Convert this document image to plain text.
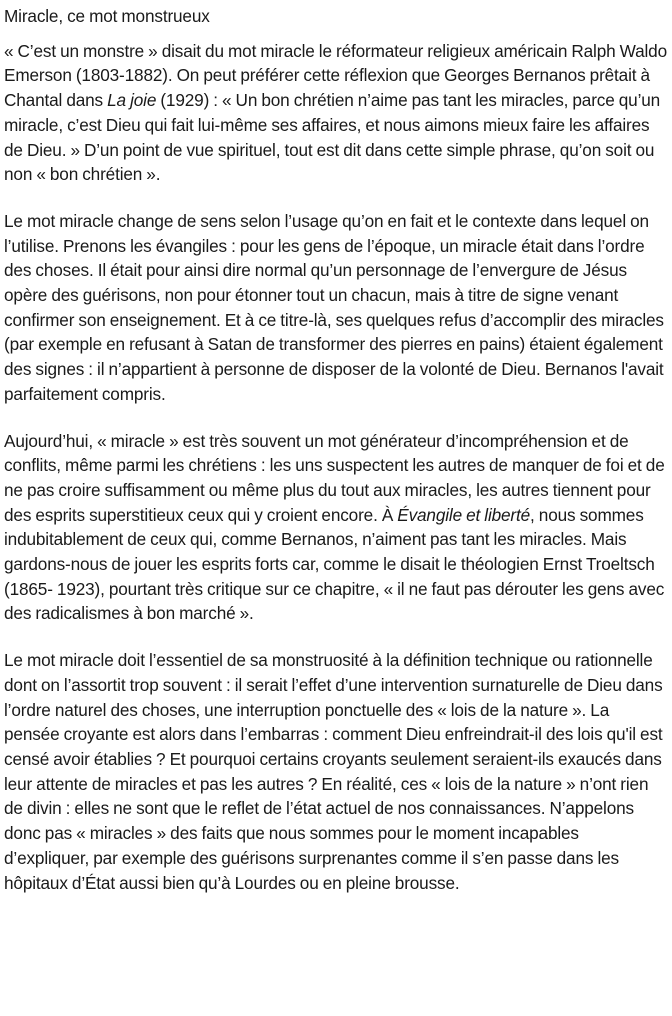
Miracle, ce mot monstrueux

« C’est un monstre » disait du mot miracle le réformateur religieux américain Ralph Waldo Emerson (1803-1882). On peut préférer cette réflexion que Georges Bernanos prêtait à Chantal dans La joie (1929) : « Un bon chrétien n’aime pas tant les miracles, parce qu’un miracle, c’est Dieu qui fait lui-même ses affaires, et nous aimons mieux faire les affaires de Dieu. » D’un point de vue spirituel, tout est dit dans cette simple phrase, qu’on soit ou non « bon chrétien ».

Le mot miracle change de sens selon l’usage qu’on en fait et le contexte dans lequel on l’utilise. Prenons les évangiles : pour les gens de l’époque, un miracle était dans l’ordre des choses. Il était pour ainsi dire normal qu’un personnage de l’envergure de Jésus opère des guérisons, non pour étonner tout un chacun, mais à titre de signe venant confirmer son enseignement. Et à ce titre-là, ses quelques refus d’accomplir des miracles (par exemple en refusant à Satan de transformer des pierres en pains) étaient également des signes : il n’appartient à personne de disposer de la volonté de Dieu. Bernanos l'avait parfaitement compris.

Aujourd’hui, « miracle » est très souvent un mot générateur d’incompréhension et de conflits, même parmi les chrétiens : les uns suspectent les autres de manquer de foi et de ne pas croire suffisamment ou même plus du tout aux miracles, les autres tiennent pour des esprits superstitieux ceux qui y croient encore. À Évangile et liberté, nous sommes indubitablement de ceux qui, comme Bernanos, n’aiment pas tant les miracles. Mais gardons-nous de jouer les esprits forts car, comme le disait le théologien Ernst Troeltsch (1865- 1923), pourtant très critique sur ce chapitre, « il ne faut pas dérouter les gens avec des radicalismes à bon marché ».

Le mot miracle doit l’essentiel de sa monstruosité à la définition technique ou rationnelle dont on l’assortit trop souvent : il serait l’effet d’une intervention surnaturelle de Dieu dans l’ordre naturel des choses, une interruption ponctuelle des « lois de la nature ». La pensée croyante est alors dans l’embarras : comment Dieu enfreindrait-il des lois qu'il est censé avoir établies ? Et pourquoi certains croyants seulement seraient-ils exaucés dans leur attente de miracles et pas les autres ? En réalité, ces « lois de la nature » n’ont rien de divin : elles ne sont que le reflet de l’état actuel de nos connaissances. N’appelons donc pas « miracles » des faits que nous sommes pour le moment incapables d’expliquer, par exemple des guérisons surprenantes comme il s’en passe dans les hôpitaux d’État aussi bien qu’à Lourdes ou en pleine brousse.
